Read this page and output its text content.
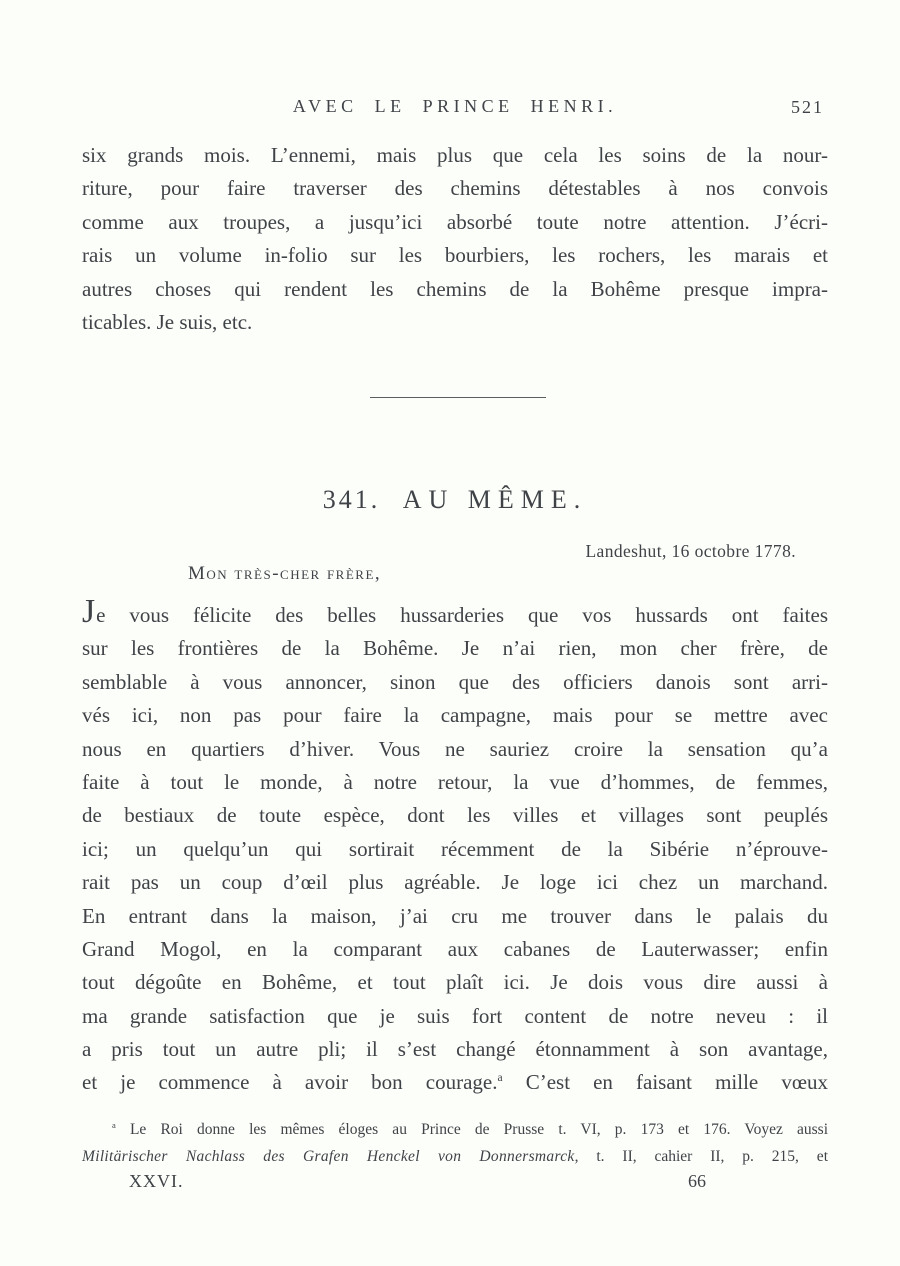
AVEC LE PRINCE HENRI.	521
six grands mois. L’ennemi, mais plus que cela les soins de la nour-
riture, pour faire traverser des chemins détestables à nos convois
comme aux troupes, a jusqu’ici absorbé toute notre attention. J’écri-
rais un volume in-folio sur les bourbiers, les rochers, les marais et
autres choses qui rendent les chemins de la Bohême presque impra-
ticables. Je suis, etc.
341. AU MÊME.
Landeshut, 16 octobre 1778.
Mon très-cher frère,
Je vous félicite des belles hussarderies que vos hussards ont faites
sur les frontières de la Bohême. Je n’ai rien, mon cher frère, de
semblable à vous annoncer, sinon que des officiers danois sont arri-
vés ici, non pas pour faire la campagne, mais pour se mettre avec
nous en quartiers d’hiver. Vous ne sauriez croire la sensation qu’a
faite à tout le monde, à notre retour, la vue d’hommes, de femmes,
de bestiaux de toute espèce, dont les villes et villages sont peuplés
ici; un quelqu’un qui sortirait récemment de la Sibérie n’éprouve-
rait pas un coup d’œil plus agréable. Je loge ici chez un marchand.
En entrant dans la maison, j’ai cru me trouver dans le palais du
Grand Mogol, en la comparant aux cabanes de Lauterwasser; enfin
tout dégoûte en Bohême, et tout plaît ici. Je dois vous dire aussi à
ma grande satisfaction que je suis fort content de notre neveu : il
a pris tout un autre pli; il s’est changé étonnamment à son avantage,
et je commence à avoir bon courage.$^a$ C’est en faisant mille vœux
$^a$ Le Roi donne les mêmes éloges au Prince de Prusse t. VI, p. 173 et 176. Voyez aussi
Militärischer Nachlass des Grafen Henckel von Donnersmarck, t. II, cahier II, p. 215, et
XXVI.	66
